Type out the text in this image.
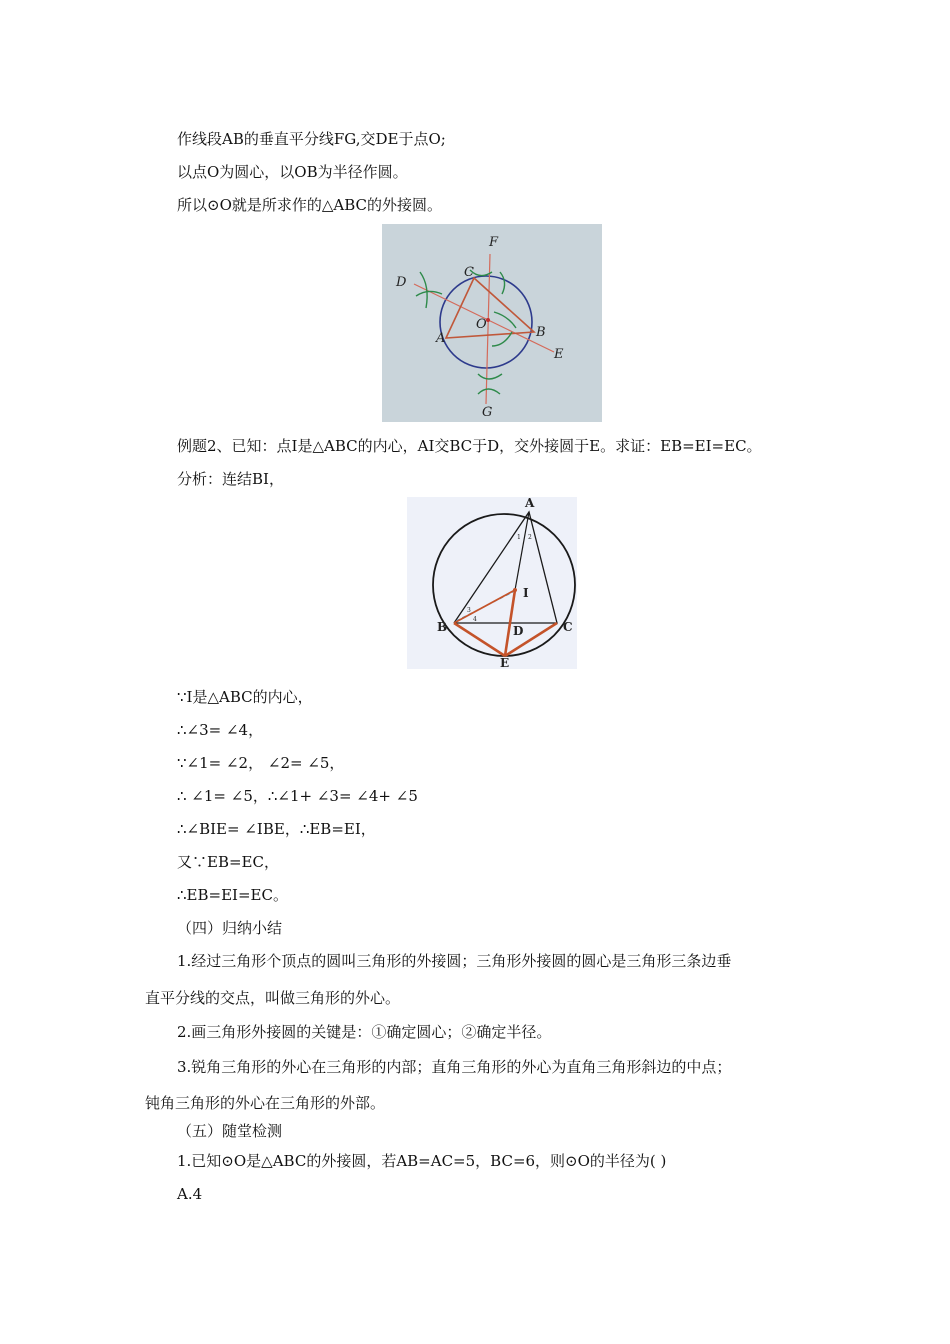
作线段AB的垂直平分线FG,交DE于点O;
以点O为圆心，以OB为半径作圆。
所以⊙O就是所求作的△ABC的外接圆。
F
C
D
O
B
A
E
G
例题2、已知：点I是△ABC的内心，AI交BC于D，交外接圆于E。求证：EB=EI=EC。
分析：连结BI，
A
I
B	D	C
E
1 2
3
4
∵I是△ABC的内心，
∴∠3= ∠4，
∵∠1= ∠2， ∠2= ∠5，
∴ ∠1= ∠5，∴∠1+ ∠3= ∠4+ ∠5
∴∠BIE= ∠IBE，∴EB=EI，
又∵EB=EC，
∴EB=EI=EC。
（四）归纳小结
1.经过三角形个顶点的圆叫三角形的外接圆；三角形外接圆的圆心是三角形三条边垂
直平分线的交点，叫做三角形的外心。
2.画三角形外接圆的关键是：①确定圆心；②确定半径。
3.锐角三角形的外心在三角形的内部；直角三角形的外心为直角三角形斜边的中点；
钝角三角形的外心在三角形的外部。
（五）随堂检测
1.已知⊙O是△ABC的外接圆，若AB=AC=5，BC=6，则⊙O的半径为( )
A.4
